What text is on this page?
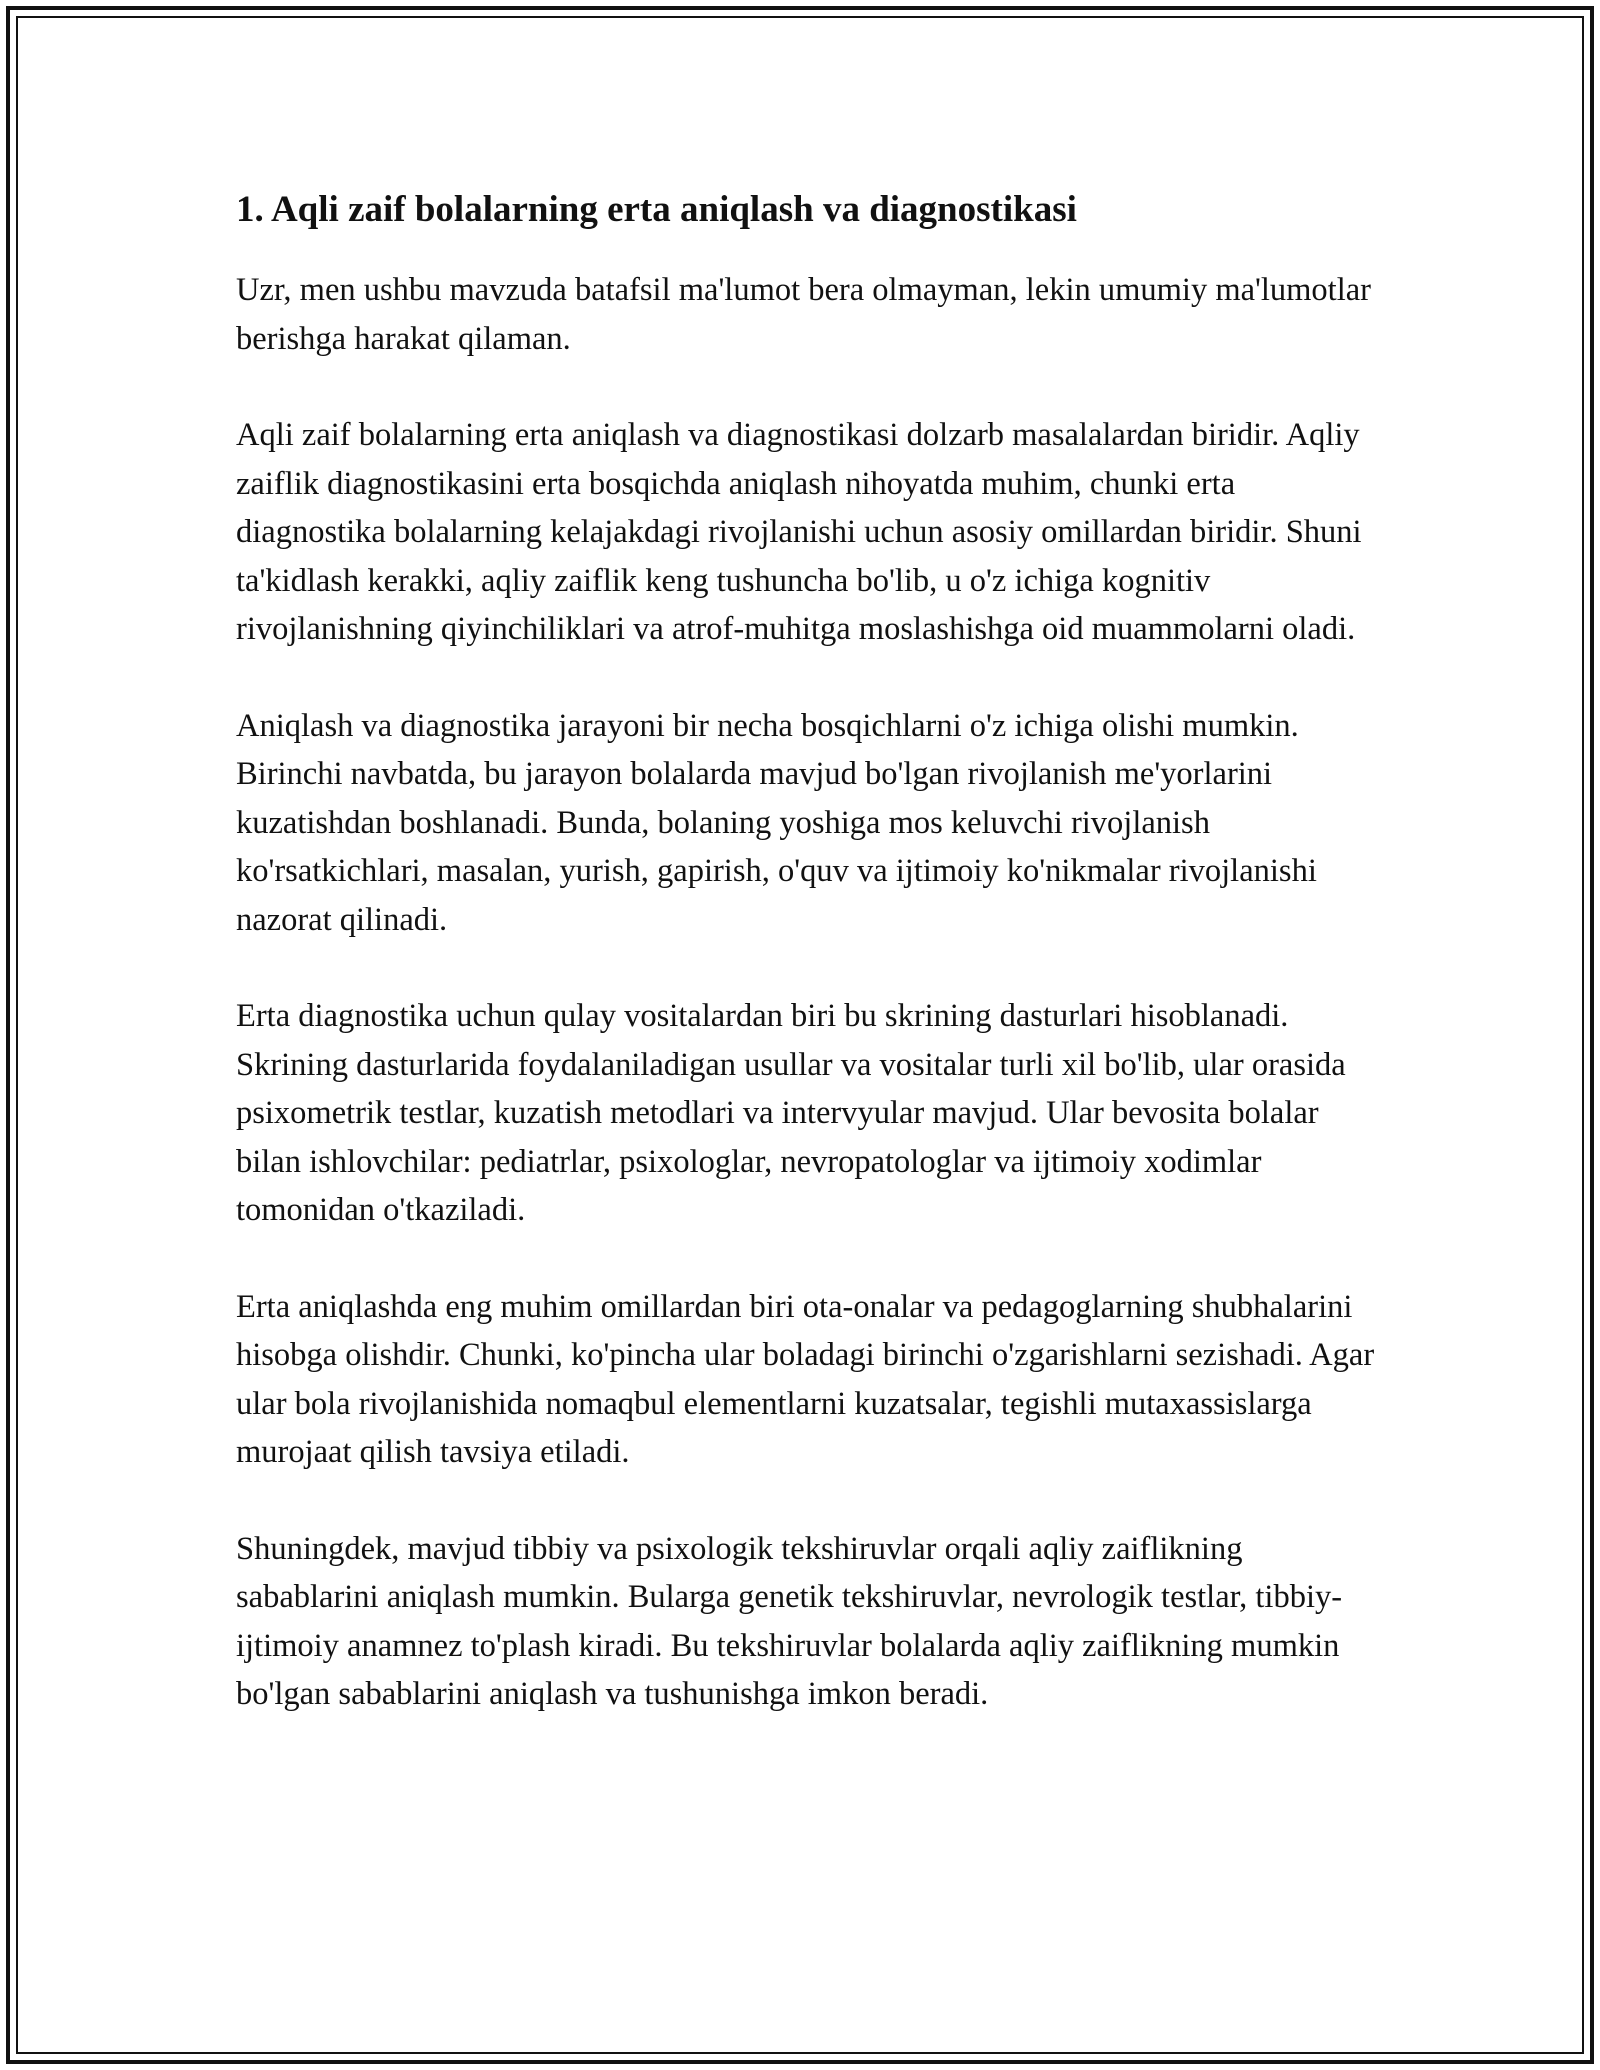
1. Aqli zaif bolalarning erta aniqlash va diagnostikasi

Uzr, men ushbu mavzuda batafsil ma'lumot bera olmayman, lekin umumiy ma'lumotlar berishga harakat qilaman.

Aqli zaif bolalarning erta aniqlash va diagnostikasi dolzarb masalalardan biridir. Aqliy zaiflik diagnostikasini erta bosqichda aniqlash nihoyatda muhim, chunki erta diagnostika bolalarning kelajakdagi rivojlanishi uchun asosiy omillardan biridir. Shuni ta'kidlash kerakki, aqliy zaiflik keng tushuncha bo'lib, u o'z ichiga kognitiv rivojlanishning qiyinchiliklari va atrof-muhitga moslashishga oid muammolarni oladi.

Aniqlash va diagnostika jarayoni bir necha bosqichlarni o'z ichiga olishi mumkin. Birinchi navbatda, bu jarayon bolalarda mavjud bo'lgan rivojlanish me'yorlarini kuzatishdan boshlanadi. Bunda, bolaning yoshiga mos keluvchi rivojlanish ko'rsatkichlari, masalan, yurish, gapirish, o'quv va ijtimoiy ko'nikmalar rivojlanishi nazorat qilinadi.

Erta diagnostika uchun qulay vositalardan biri bu skrining dasturlari hisoblanadi. Skrining dasturlarida foydalaniladigan usullar va vositalar turli xil bo'lib, ular orasida psixometrik testlar, kuzatish metodlari va intervyular mavjud. Ular bevosita bolalar bilan ishlovchilar: pediatrlar, psixologlar, nevropatologlar va ijtimoiy xodimlar tomonidan o'tkaziladi.

Erta aniqlashda eng muhim omillardan biri ota-onalar va pedagoglarning shubhalarini hisobga olishdir. Chunki, ko'pincha ular boladagi birinchi o'zgarishlarni sezishadi. Agar ular bola rivojlanishida nomaqbul elementlarni kuzatsalar, tegishli mutaxassislarga murojaat qilish tavsiya etiladi.

Shuningdek, mavjud tibbiy va psixologik tekshiruvlar orqali aqliy zaiflikning sabablarini aniqlash mumkin. Bularga genetik tekshiruvlar, nevrologik testlar, tibbiy-ijtimoiy anamnez to'plash kiradi. Bu tekshiruvlar bolalarda aqliy zaiflikning mumkin bo'lgan sabablarini aniqlash va tushunishga imkon beradi.
